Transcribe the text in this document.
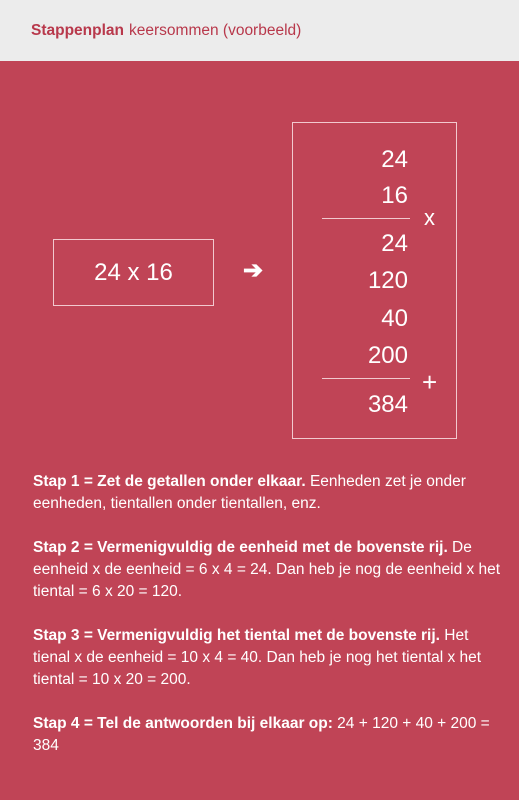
Stappenplan keersommen (voorbeeld)
24 x 16	➔
24
16
x
24
120
40
200
+
384
Stap 1 = Zet de getallen onder elkaar. Eenheden zet je onder eenheden, tientallen onder tientallen, enz.
Stap 2 = Vermenigvuldig de eenheid met de bovenste rij. De eenheid x de eenheid = 6 x 4 = 24. Dan heb je nog de eenheid x het tiental = 6 x 20 = 120.
Stap 3 = Vermenigvuldig het tiental met de bovenste rij. Het tienal x de eenheid = 10 x 4 = 40. Dan heb je nog het tiental x het tiental = 10 x 20 = 200.
Stap 4 = Tel de antwoorden bij elkaar op: 24 + 120 + 40 + 200 = 384
